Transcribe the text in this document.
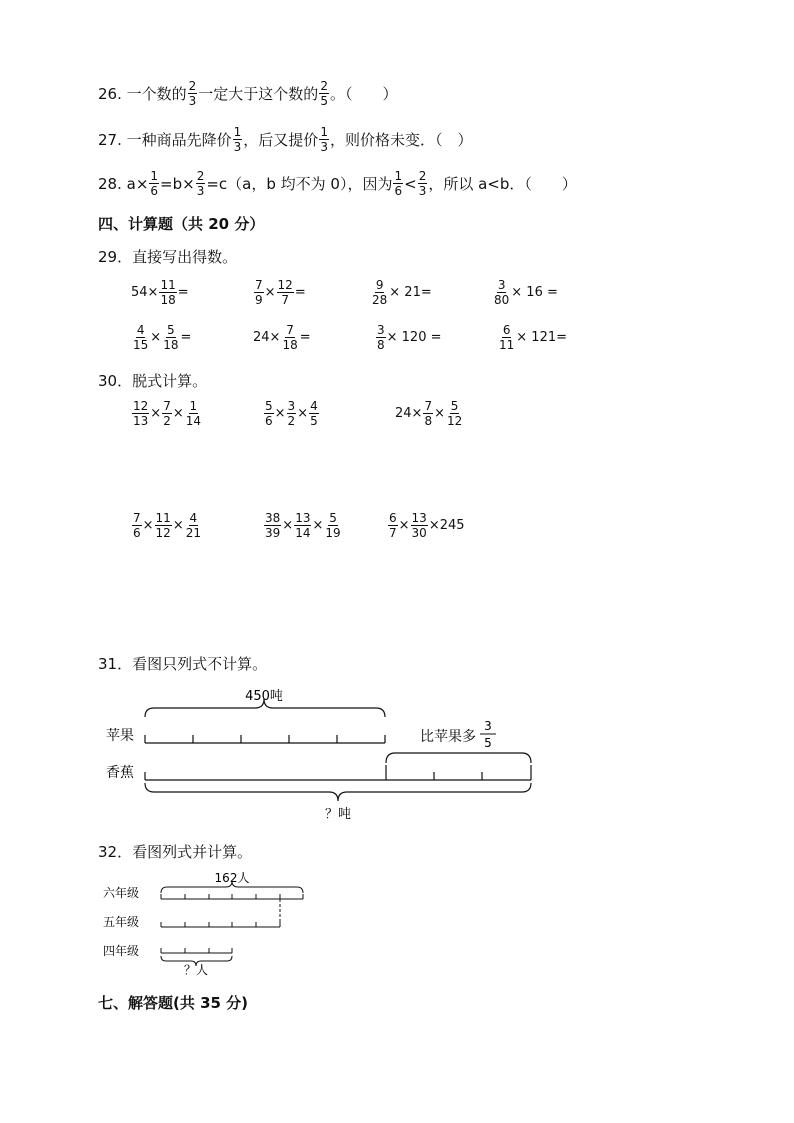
26.
一个数的 $\frac{2}{3}$ 一定大于这个数的 $\frac{2}{5}$ 。（　　）
27.
一种商品先降价 $\frac{1}{3}$ ，后又提价 $\frac{1}{3}$ ，则价格未变．（　）
28.
$a\times \frac{1}{6} =b\times \frac{2}{3} =c(a$，b 均不为 0），因为 $\frac{1}{6} < \frac{2}{3}$ ，所以 a<b．（　　）
四、计算题（共 20 分）
29．直接写出得数。
$54\times \frac{11}{18}$ =	$\frac{7}{9} \times \frac{12}{7}$ =	$\frac{9}{28} \times 21=$	$\frac{3}{80} \times 16$ =
$\frac{4}{15} \times \frac{5}{18}$ =	$24\times \frac{7}{18}$ =	$\frac{3}{8} \times 120$ =	$\frac{6}{11} \times 121=$
30．脱式计算。
$\frac{12}{13} \times \frac{7}{2} \times \frac{1}{14}$	$\frac{5}{6} \times \frac{3}{2} \times \frac{4}{5}$	$24\times \frac{7}{8} \times \frac{5}{12}$
$\frac{7}{6} \times \frac{11}{12} \times \frac{4}{21}$	$\frac{38}{39} \times \frac{13}{14} \times \frac{5}{19}$	$\frac{6}{7} \times \frac{13}{30} \times 245$
31．看图只列式不计算。
450吨
苹果	比苹果多
3
5
香蕉
？吨
32．看图列式并计算。
162人
六年级
五年级
四年级
？人
七、解答题(共 35 分)
